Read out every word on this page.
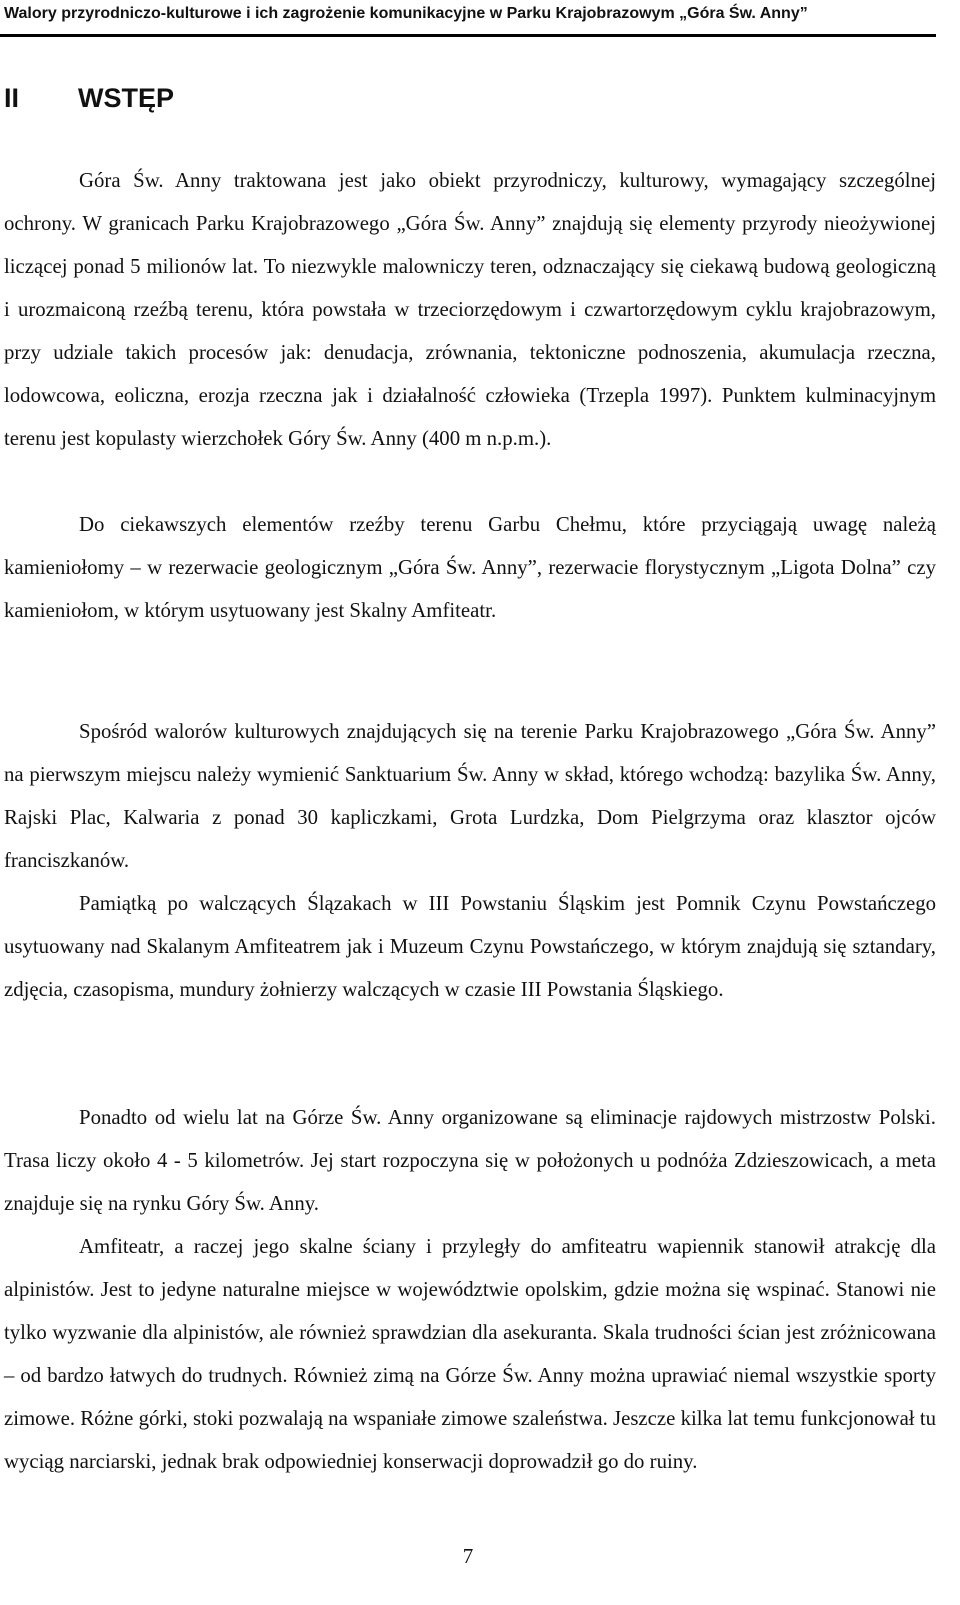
Walory przyrodniczo-kulturowe i ich zagrożenie komunikacyjne w Parku Krajobrazowym „Góra Św. Anny”
II WSTĘP

Góra Św. Anny traktowana jest jako obiekt przyrodniczy, kulturowy, wymagający szczególnej ochrony. W granicach Parku Krajobrazowego „Góra Św. Anny” znajdują się elementy przyrody nieożywionej liczącej ponad 5 milionów lat. To niezwykle malowniczy teren, odznaczający się ciekawą budową geologiczną i urozmaiconą rzeźbą terenu, która powstała w trzeciorzędowym i czwartorzędowym cyklu krajobrazowym, przy udziale takich procesów jak: denudacja, zrównania, tektoniczne podnoszenia, akumulacja rzeczna, lodowcowa, eoliczna, erozja rzeczna jak i działalność człowieka (Trzepla 1997). Punktem kulminacyjnym terenu jest kopulasty wierzchołek Góry Św. Anny (400 m n.p.m.).

Do ciekawszych elementów rzeźby terenu Garbu Chełmu, które przyciągają uwagę należą kamieniołomy – w rezerwacie geologicznym „Góra Św. Anny”, rezerwacie florystycznym „Ligota Dolna” czy kamieniołom, w którym usytuowany jest Skalny Amfiteatr.

Spośród walorów kulturowych znajdujących się na terenie Parku Krajobrazowego „Góra Św. Anny” na pierwszym miejscu należy wymienić Sanktuarium Św. Anny w skład, którego wchodzą: bazylika Św. Anny, Rajski Plac, Kalwaria z ponad 30 kapliczkami, Grota Lurdzka, Dom Pielgrzyma oraz klasztor ojców franciszkanów.

Pamiątką po walczących Ślązakach w III Powstaniu Śląskim jest Pomnik Czynu Powstańczego usytuowany nad Skalanym Amfiteatrem jak i Muzeum Czynu Powstańczego, w którym znajdują się sztandary, zdjęcia, czasopisma, mundury żołnierzy walczących w czasie III Powstania Śląskiego.

Ponadto od wielu lat na Górze Św. Anny organizowane są eliminacje rajdowych mistrzostw Polski. Trasa liczy około 4 - 5 kilometrów. Jej start rozpoczyna się w położonych u podnóża Zdzieszowicach, a meta znajduje się na rynku Góry Św. Anny.

Amfiteatr, a raczej jego skalne ściany i przyległy do amfiteatru wapiennik stanowił atrakcję dla alpinistów. Jest to jedyne naturalne miejsce w województwie opolskim, gdzie można się wspinać. Stanowi nie tylko wyzwanie dla alpinistów, ale również sprawdzian dla asekuranta. Skala trudności ścian jest zróżnicowana – od bardzo łatwych do trudnych. Również zimą na Górze Św. Anny można uprawiać niemal wszystkie sporty zimowe. Różne górki, stoki pozwalają na wspaniałe zimowe szaleństwa. Jeszcze kilka lat temu funkcjonował tu wyciąg narciarski, jednak brak odpowiedniej konserwacji doprowadził go do ruiny.

7
